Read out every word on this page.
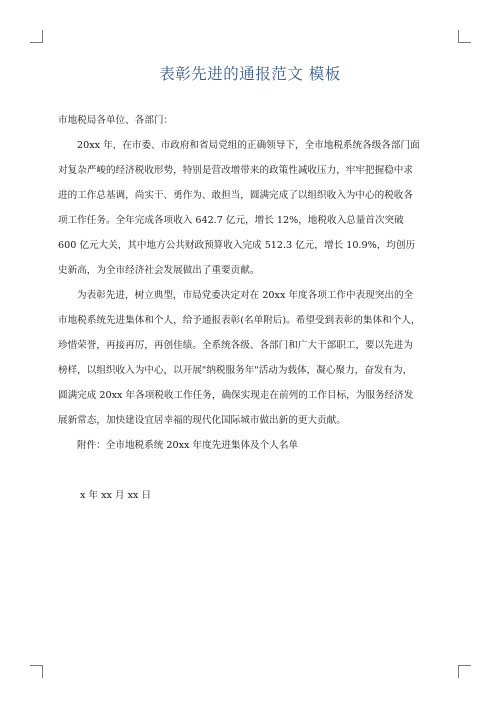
表彰先进的通报范文 模板
市地税局各单位、各部门：
20xx 年，在市委、市政府和省局党组的正确领导下，全市地税系统各级各部门面
对复杂严峻的经济税收形势，特别是营改增带来的政策性减收压力，牢牢把握稳中求
进的工作总基调，尚实干、勇作为、敢担当，圆满完成了以组织收入为中心的税收各
项工作任务。全年完成各项收入 642.7 亿元，增长 12%，地税收入总量首次突破
600 亿元大关，其中地方公共财政预算收入完成 512.3 亿元，增长 10.9%，均创历
史新高，为全市经济社会发展做出了重要贡献。
为表彰先进，树立典型，市局党委决定对在 20xx 年度各项工作中表现突出的全
市地税系统先进集体和个人，给予通报表彰(名单附后)。希望受到表彰的集体和个人，
珍惜荣誉，再接再厉，再创佳绩。全系统各级、各部门和广大干部职工，要以先进为
榜样，以组织收入为中心，以开展"纳税服务年"活动为载体，凝心聚力，奋发有为，
圆满完成 20xx 年各项税收工作任务，确保实现走在前列的工作目标，为服务经济发
展新常态，加快建设宜居幸福的现代化国际城市做出新的更大贡献。
附件：全市地税系统 20xx 年度先进集体及个人名单
x 年 xx 月 xx 日
